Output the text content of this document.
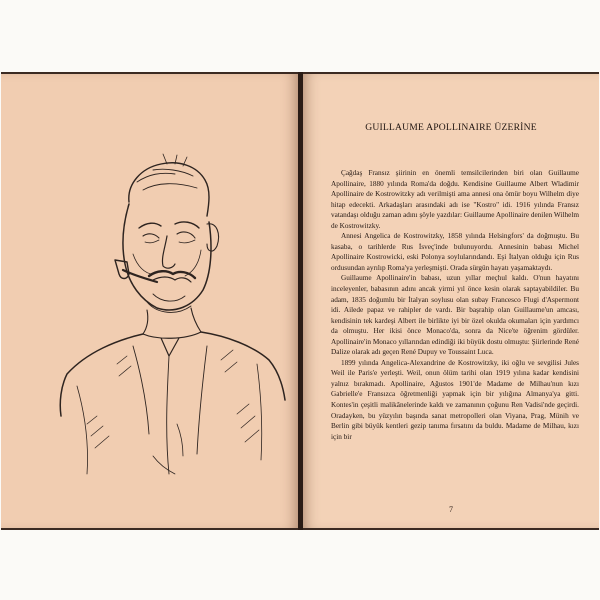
GUILLAUME APOLLINAIRE ÜZERİNE

Çağdaş Fransız şiirinin en önemli temsilcilerinden biri olan Guillaume Apollinaire, 1880 yılında Roma'da doğdu. Kendisine Guillaume Albert Wladimir Apollinaire de Kostrowitzky adı verilmişti ama annesi ona ömür boyu Wilhelm diye hitap edecekti. Arkadaşları arasındaki adı ise "Kostro" idi. 1916 yılında Fransız vatandaşı olduğu zaman adını şöyle yazdılar: Guillaume Apollinaire denilen Wilhelm de Kostrowitzky.

Annesi Angelica de Kostrowitzky, 1858 yılında Helsingfors' da doğmuştu. Bu kasaba, o tarihlerde Rus İsveç'inde bulunuyordu. Annesinin babası Michel Apollinaire Kostrowicki, eski Polonya soylularındandı. Eşi İtalyan olduğu için Rus ordusundan ayrılıp Roma'ya yerleşmişti. Orada sürgün hayatı yaşamaktaydı.

Guillaume Apollinaire'in babası, uzun yıllar meçhul kaldı. O'nun hayatını inceleyenler, babasının adını ancak yirmi yıl önce kesin olarak saptayabildiler. Bu adam, 1835 doğumlu bir İtalyan soylusu olan subay Francesco Flugi d'Aspermont idi. Ailede papaz ve rahipler de vardı. Bir başrahip olan Guillaume'un amcası, kendisinin tek kardeşi Albert ile birlikte iyi bir özel okulda okumaları için yardımcı da olmuştu. Her ikisi önce Monaco'da, sonra da Nice'te öğrenim gördüler. Apollinaire'in Monaco yıllarından edindiği iki büyük dostu olmuştu: Şiirlerinde René Dalize olarak adı geçen René Dupuy ve Toussaint Luca.

1899 yılında Angelica-Alexandrine de Kostrowitzky, iki oğlu ve sevgilisi Jules Weil ile Paris'e yerleşti. Weil, onun ölüm tarihi olan 1919 yılına kadar kendisini yalnız bırakmadı. Apollinaire, Ağustos 1901'de Madame de Milhau'nun kızı Gabrielle'e Fransızca öğretmenliği yapmak için bir yılığına Almanya'ya gitti. Kontes'in çeşitli malikânelerinde kaldı ve zamanının çoğunu Ren Vadisi'nde geçirdi. Oradayken, bu yüzyılın başında sanat metropolleri olan Viyana, Prag, Münih ve Berlin gibi büyük kentleri gezip tanıma fırsatını da buldu. Madame de Milhau, kızı için bir

7
